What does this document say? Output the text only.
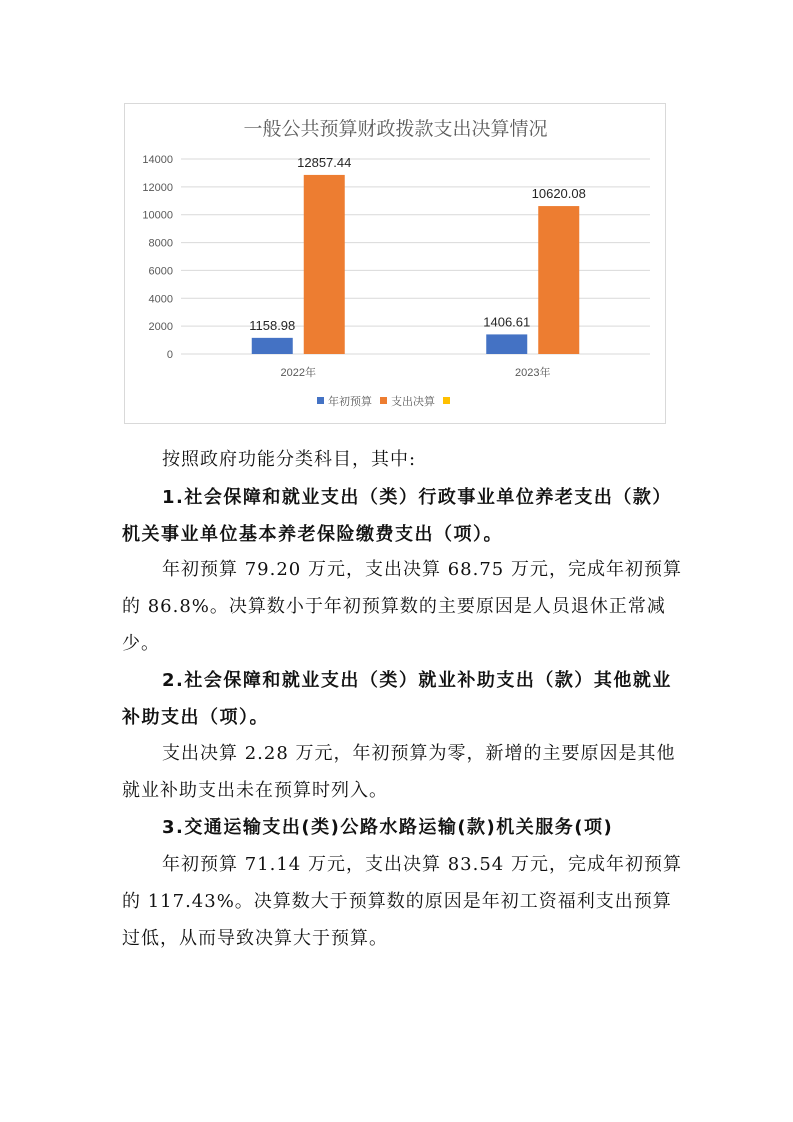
一般公共预算财政拨款支出决算情况
0
2000
4000
6000
8000
10000
12000
14000
1158.98
12857.44
2022年
1406.61
10620.08
2023年
年初预算 支出决算

按照政府功能分类科目，其中:

1.社会保障和就业支出（类）行政事业单位养老支出（款）机关事业单位基本养老保险缴费支出（项）。

年初预算 79.20 万元，支出决算 68.75 万元，完成年初预算的 86.8%。决算数小于年初预算数的主要原因是人员退休正常减少。

2.社会保障和就业支出（类）就业补助支出（款）其他就业补助支出（项）。

支出决算 2.28 万元，年初预算为零，新增的主要原因是其他就业补助支出未在预算时列入。

3.交通运输支出(类)公路水路运输(款)机关服务(项)

年初预算 71.14 万元，支出决算 83.54 万元，完成年初预算的 117.43%。决算数大于预算数的原因是年初工资福利支出预算过低，从而导致决算大于预算。
